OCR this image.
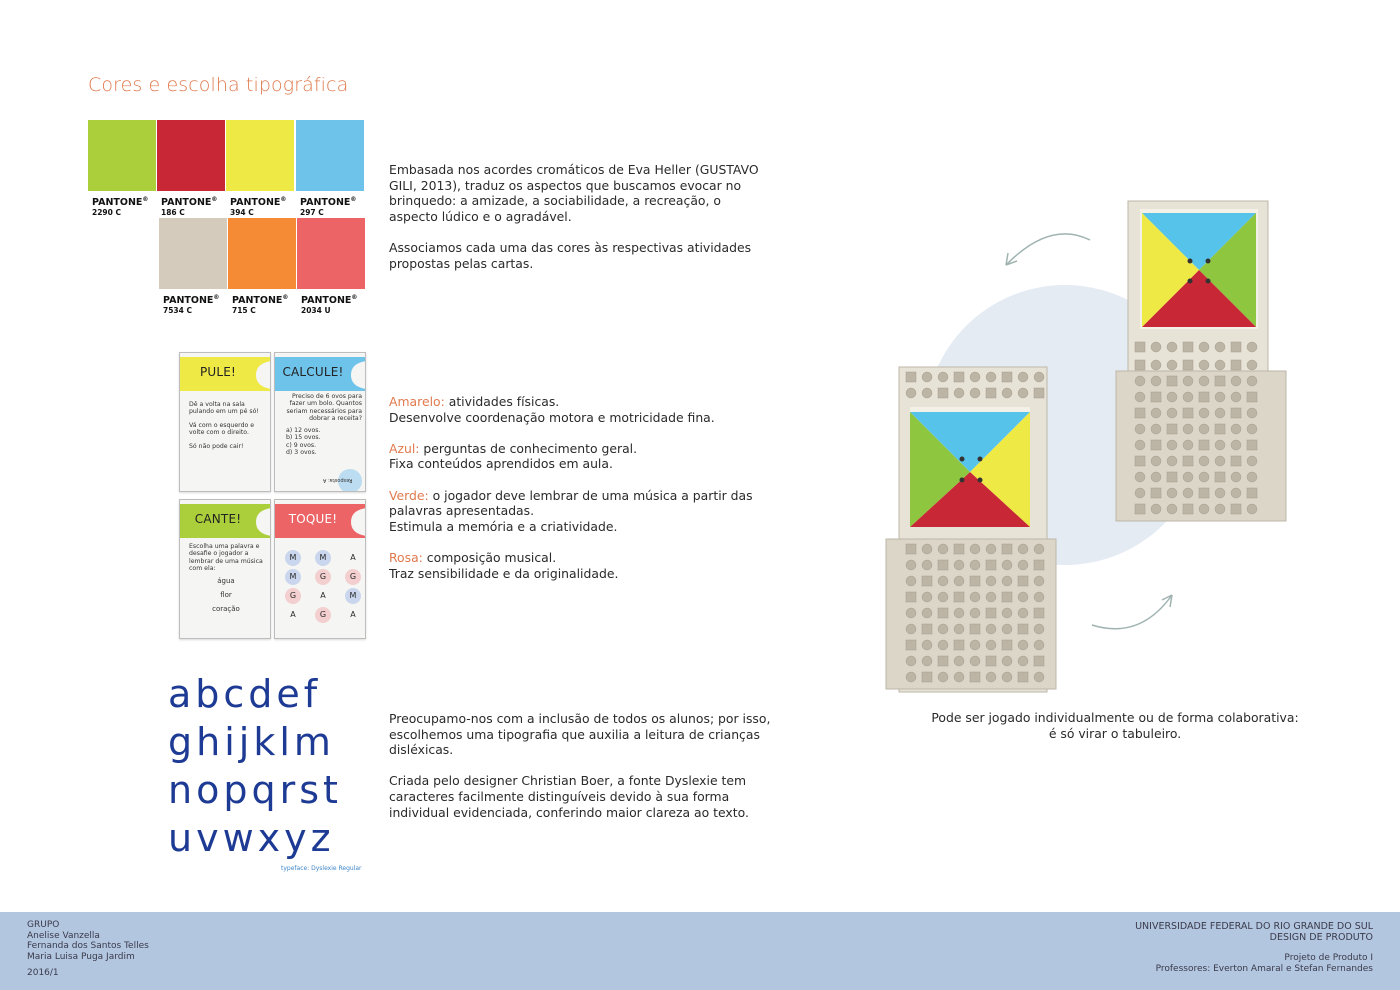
Cores e escolha tipográfica
PANTONE®
2290 C
PANTONE®
186 C
PANTONE®
394 C
PANTONE®
297 C
PANTONE®
7534 C
PANTONE®
715 C
PANTONE®
2034 U

Embasada nos acordes cromáticos de Eva Heller (GUSTAVO GILI, 2013), traduz os aspectos que buscamos evocar no brinquedo: a amizade, a sociabilidade, a recreação, o aspecto lúdico e o agradável.

Associamos cada uma das cores às respectivas atividades propostas pelas cartas.

PULE!
Dê a volta na sala pulando em um pé só!
Vá com o esquerdo e volte com o direito.
Só não pode cair!
CALCULE!
Preciso de 6 ovos para fazer um bolo. Quantos seriam necessários para dobrar a receita?
a) 12 ovos.
b) 15 ovos.
c) 9 ovos.
d) 3 ovos.
Resposta: A
CANTE!
Escolha uma palavra e desafie o jogador a lembrar de uma música com ela:
água
flor
coração
TOQUE!
M	M	A
M	G	G
G	A	M
A	G	A

Amarelo: atividades físicas.
Desenvolve coordenação motora e motricidade fina.

Azul: perguntas de conhecimento geral.
Fixa conteúdos aprendidos em aula.

Verde: o jogador deve lembrar de uma música a partir das palavras apresentadas.
Estimula a memória e a criatividade.

Rosa: composição musical.
Traz sensibilidade e da originalidade.

abcdef
ghijklm
nopqrst
uvwxyz
typeface: Dyslexie Regular

Preocupamo-nos com a inclusão de todos os alunos; por isso, escolhemos uma tipografia que auxilia a leitura de crianças disléxicas.

Criada pelo designer Christian Boer, a fonte Dyslexie tem caracteres facilmente distinguíveis devido à sua forma individual evidenciada, conferindo maior clareza ao texto.

Pode ser jogado individualmente ou de forma colaborativa: é só virar o tabuleiro.
GRUPO
Anelise Vanzella
Fernanda dos Santos Telles
Maria Luisa Puga Jardim
2016/1
UNIVERSIDADE FEDERAL DO RIO GRANDE DO SUL
DESIGN DE PRODUTO
Projeto de Produto I
Professores: Everton Amaral e Stefan Fernandes
